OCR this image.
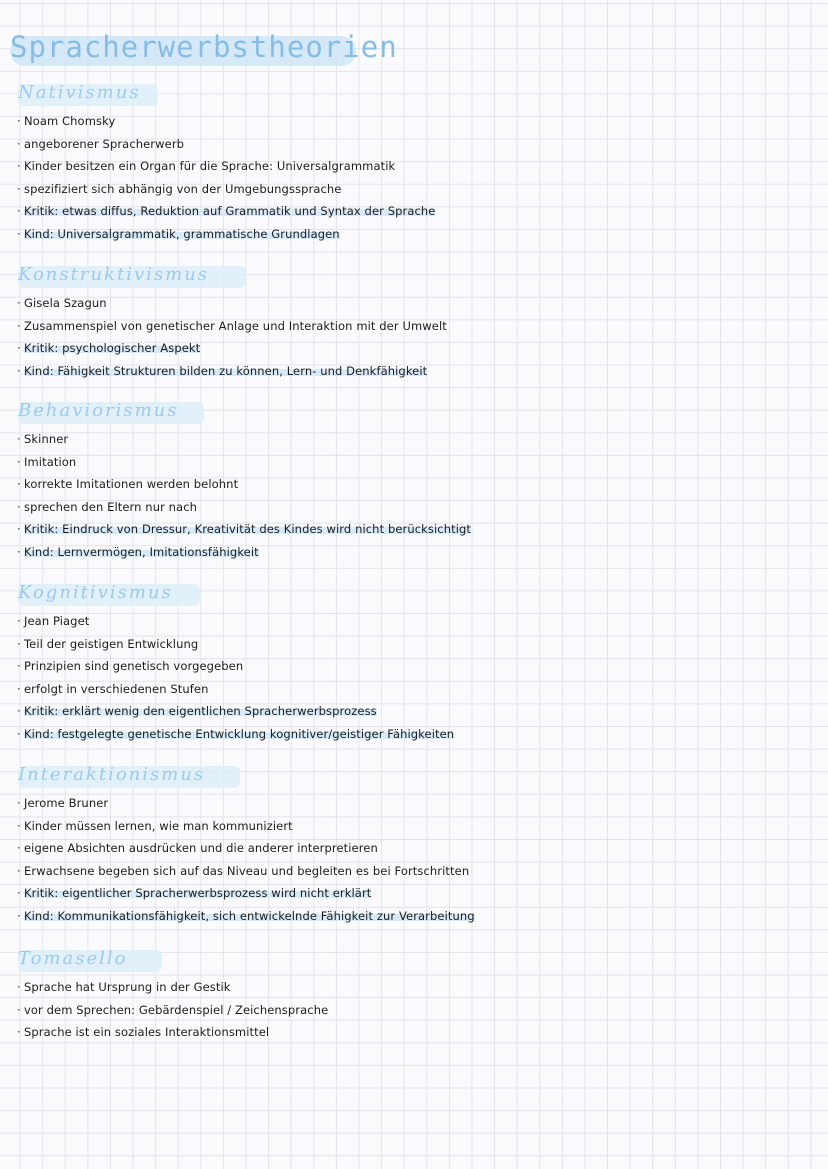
Spracherwerbstheorien
Nativismus
· Noam Chomsky
· angeborener Spracherwerb
· Kinder besitzen ein Organ für die Sprache: Universalgrammatik
· spezifiziert sich abhängig von der Umgebungssprache
· Kritik: etwas diffus, Reduktion auf Grammatik und Syntax der Sprache
· Kind: Universalgrammatik, grammatische Grundlagen
Konstruktivismus
· Gisela Szagun
· Zusammenspiel von genetischer Anlage und Interaktion mit der Umwelt
· Kritik: psychologischer Aspekt
· Kind: Fähigkeit Strukturen bilden zu können, Lern- und Denkfähigkeit
Behaviorismus
· Skinner
· Imitation
· korrekte Imitationen werden belohnt
· sprechen den Eltern nur nach
· Kritik: Eindruck von Dressur, Kreativität des Kindes wird nicht berücksichtigt
· Kind: Lernvermögen, Imitationsfähigkeit
Kognitivismus
· Jean Piaget
· Teil der geistigen Entwicklung
· Prinzipien sind genetisch vorgegeben
· erfolgt in verschiedenen Stufen
· Kritik: erklärt wenig den eigentlichen Spracherwerbsprozess
· Kind: festgelegte genetische Entwicklung kognitiver/geistiger Fähigkeiten
Interaktionismus
· Jerome Bruner
· Kinder müssen lernen, wie man kommuniziert
· eigene Absichten ausdrücken und die anderer interpretieren
· Erwachsene begeben sich auf das Niveau und begleiten es bei Fortschritten
· Kritik: eigentlicher Spracherwerbsprozess wird nicht erklärt
· Kind: Kommunikationsfähigkeit, sich entwickelnde Fähigkeit zur Verarbeitung
Tomasello
· Sprache hat Ursprung in der Gestik
· vor dem Sprechen: Gebärdenspiel / Zeichensprache
· Sprache ist ein soziales Interaktionsmittel
